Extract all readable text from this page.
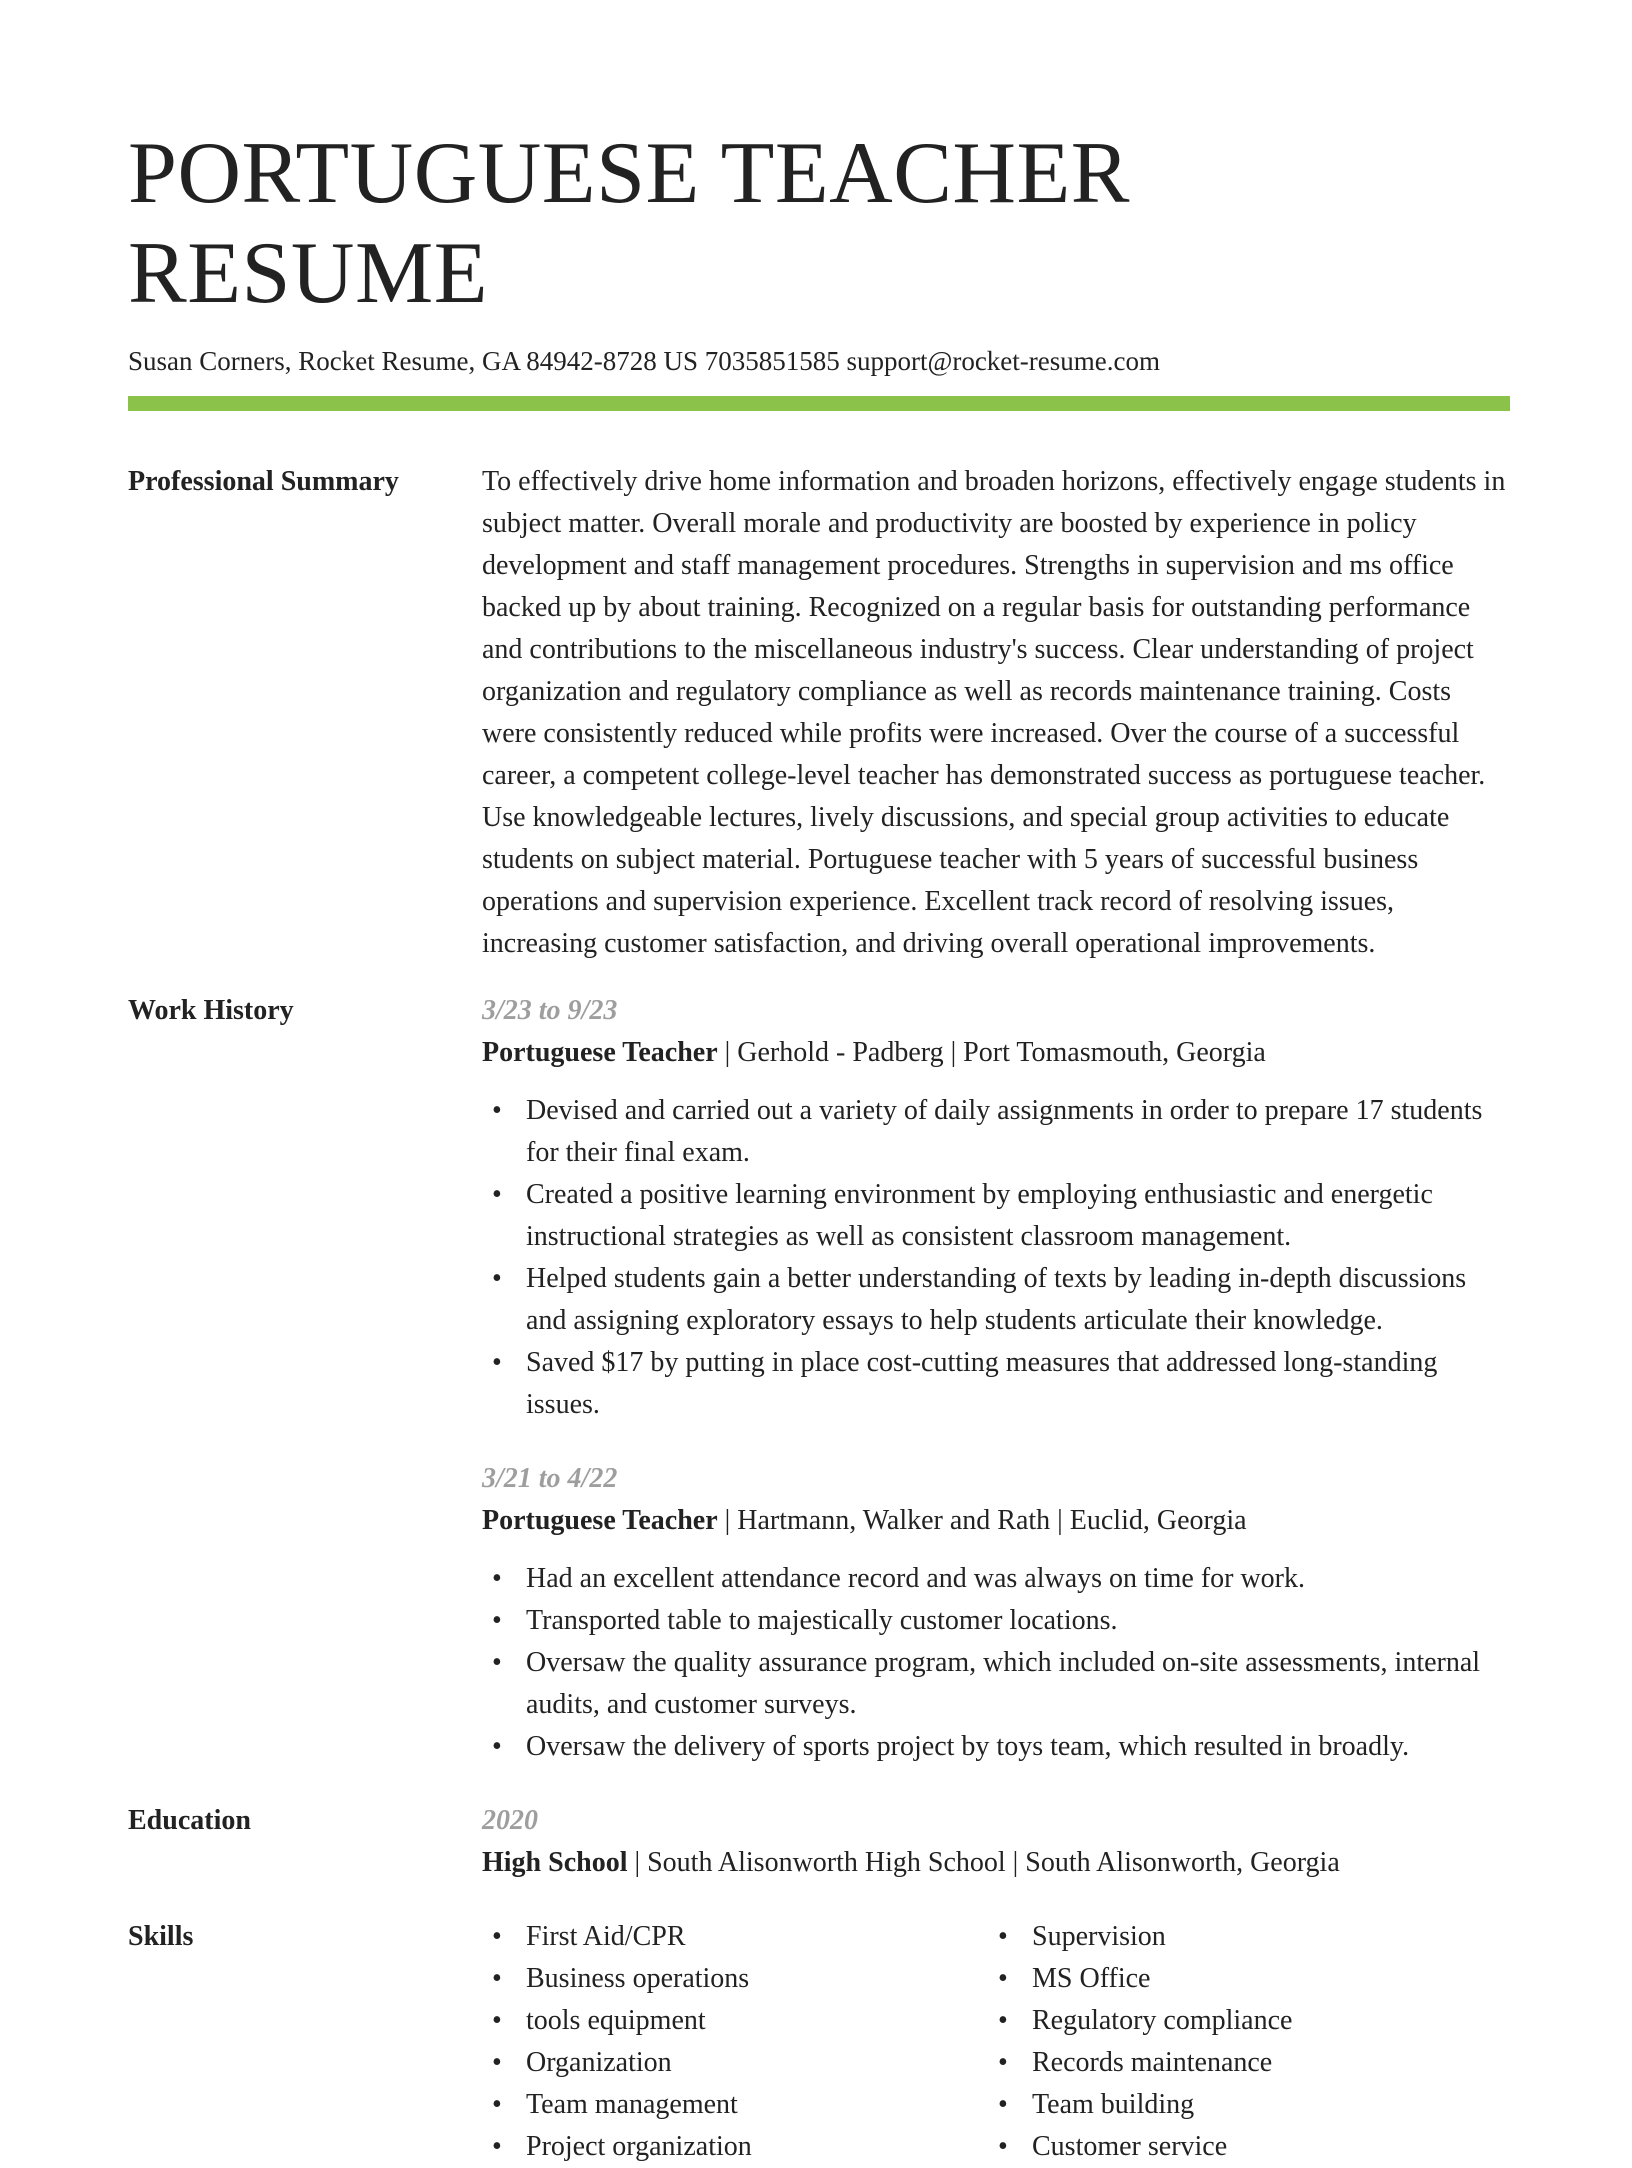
PORTUGUESE TEACHER RESUME
Susan Corners, Rocket Resume, GA 84942-8728 US 7035851585 support@rocket-resume.com
Professional Summary	To effectively drive home information and broaden horizons, effectively engage students in subject matter. Overall morale and productivity are boosted by experience in policy development and staff management procedures. Strengths in supervision and ms office backed up by about training. Recognized on a regular basis for outstanding performance and contributions to the miscellaneous industry's success. Clear understanding of project organization and regulatory compliance as well as records maintenance training. Costs were consistently reduced while profits were increased. Over the course of a successful career, a competent college-level teacher has demonstrated success as portuguese teacher. Use knowledgeable lectures, lively discussions, and special group activities to educate students on subject material. Portuguese teacher with 5 years of successful business operations and supervision experience. Excellent track record of resolving issues, increasing customer satisfaction, and driving overall operational improvements.

Work History	3/23 to 9/23
Portuguese Teacher | Gerhold - Padberg | Port Tomasmouth, Georgia
• Devised and carried out a variety of daily assignments in order to prepare 17 students for their final exam.
• Created a positive learning environment by employing enthusiastic and energetic instructional strategies as well as consistent classroom management.
• Helped students gain a better understanding of texts by leading in-depth discussions and assigning exploratory essays to help students articulate their knowledge.
• Saved $17 by putting in place cost-cutting measures that addressed long-standing issues.
3/21 to 4/22
Portuguese Teacher | Hartmann, Walker and Rath | Euclid, Georgia
• Had an excellent attendance record and was always on time for work.
• Transported table to majestically customer locations.
• Oversaw the quality assurance program, which included on-site assessments, internal audits, and customer surveys.
• Oversaw the delivery of sports project by toys team, which resulted in broadly.
Education	2020
High School | South Alisonworth High School | South Alisonworth, Georgia
Skills
•	First Aid/CPR
• Business operations
• tools equipment
• Organization
• Team management
• Project organization
• Supervision
• MS Office
• Regulatory compliance
• Records maintenance
• Team building
• Customer service
